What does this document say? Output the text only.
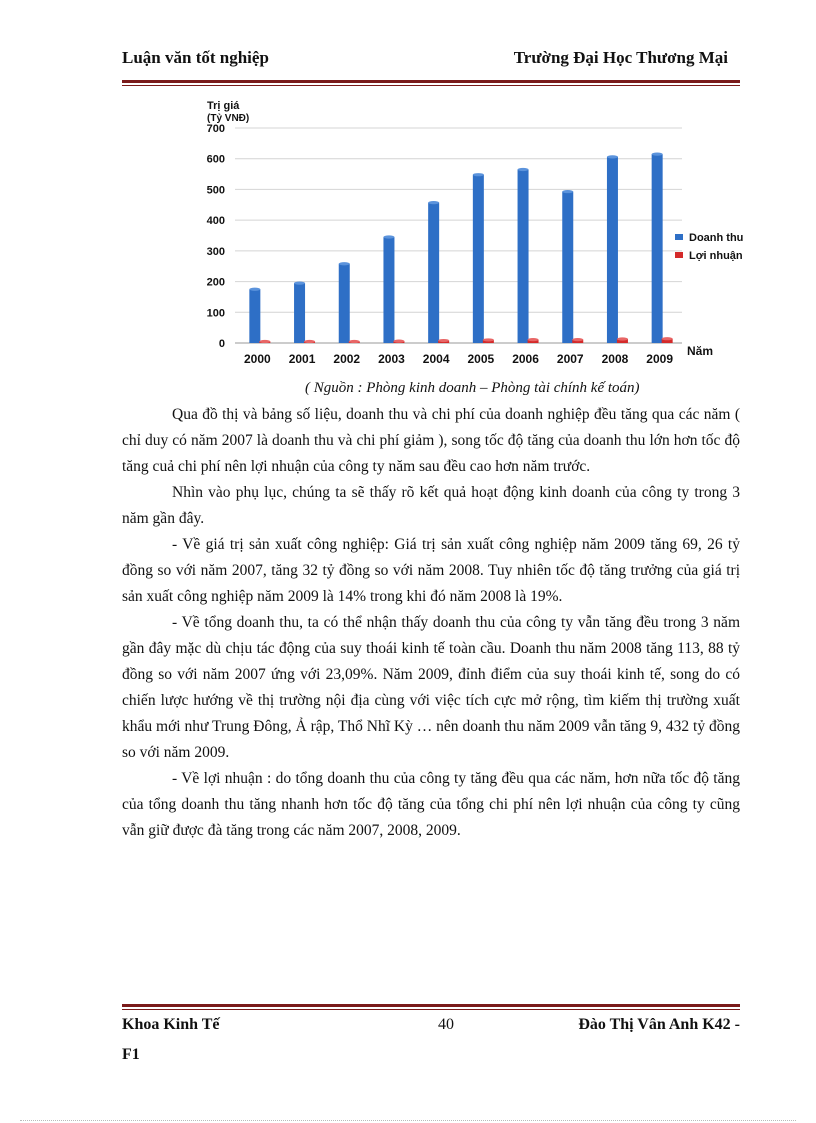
Luận văn tốt nghiệp	Trường Đại Học Thương Mại
Trị giá
(Tỷ VNĐ)
0
100
200
300
400
500
600
700
2000 2001 2002 2003 2004 2005 2006 2007 2008 2009
Năm
Doanh thu
Lợi nhuận
( Nguồn : Phòng kinh doanh – Phòng tài chính kế toán)

Qua đồ thị và bảng số liệu, doanh thu và chi phí của doanh nghiệp đều tăng qua các năm ( chỉ duy có năm 2007 là doanh thu và chi phí giảm ), song tốc độ tăng của doanh thu lớn hơn tốc độ tăng cuả chi phí nên lợi nhuận của công ty năm sau đều cao hơn năm trước.

Nhìn vào phụ lục, chúng ta sẽ thấy rõ kết quả hoạt động kinh doanh của công ty trong 3 năm gần đây.

- Về giá trị sản xuất công nghiệp: Giá trị sản xuất công nghiệp năm 2009 tăng 69, 26 tỷ đồng so với năm 2007, tăng 32 tỷ đồng so với năm 2008. Tuy nhiên tốc độ tăng trưởng của giá trị sản xuất công nghiệp năm 2009 là 14% trong khi đó năm 2008 là 19%.

- Về tổng doanh thu, ta có thể nhận thấy doanh thu của công ty vẫn tăng đều trong 3 năm gần đây mặc dù chịu tác động của suy thoái kinh tế toàn cầu. Doanh thu năm 2008 tăng 113, 88 tỷ đồng so với năm 2007 ứng với 23,09%. Năm 2009, đỉnh điểm của suy thoái kinh tế, song do có chiến lược hướng về thị trường nội địa cùng với việc tích cực mở rộng, tìm kiếm thị trường xuất khẩu mới như Trung Đông, Ả rập, Thổ Nhĩ Kỳ … nên doanh thu năm 2009 vẫn tăng 9, 432 tỷ đồng so với năm 2009.

- Về lợi nhuận : do tổng doanh thu của công ty tăng đều qua các năm, hơn nữa tốc độ tăng của tổng doanh thu tăng nhanh hơn tốc độ tăng của tổng chi phí nên lợi nhuận của công ty cũng vẫn giữ được đà tăng trong các năm 2007, 2008, 2009.

Khoa Kinh Tế	40	Đào Thị Vân Anh K42 -
F1
